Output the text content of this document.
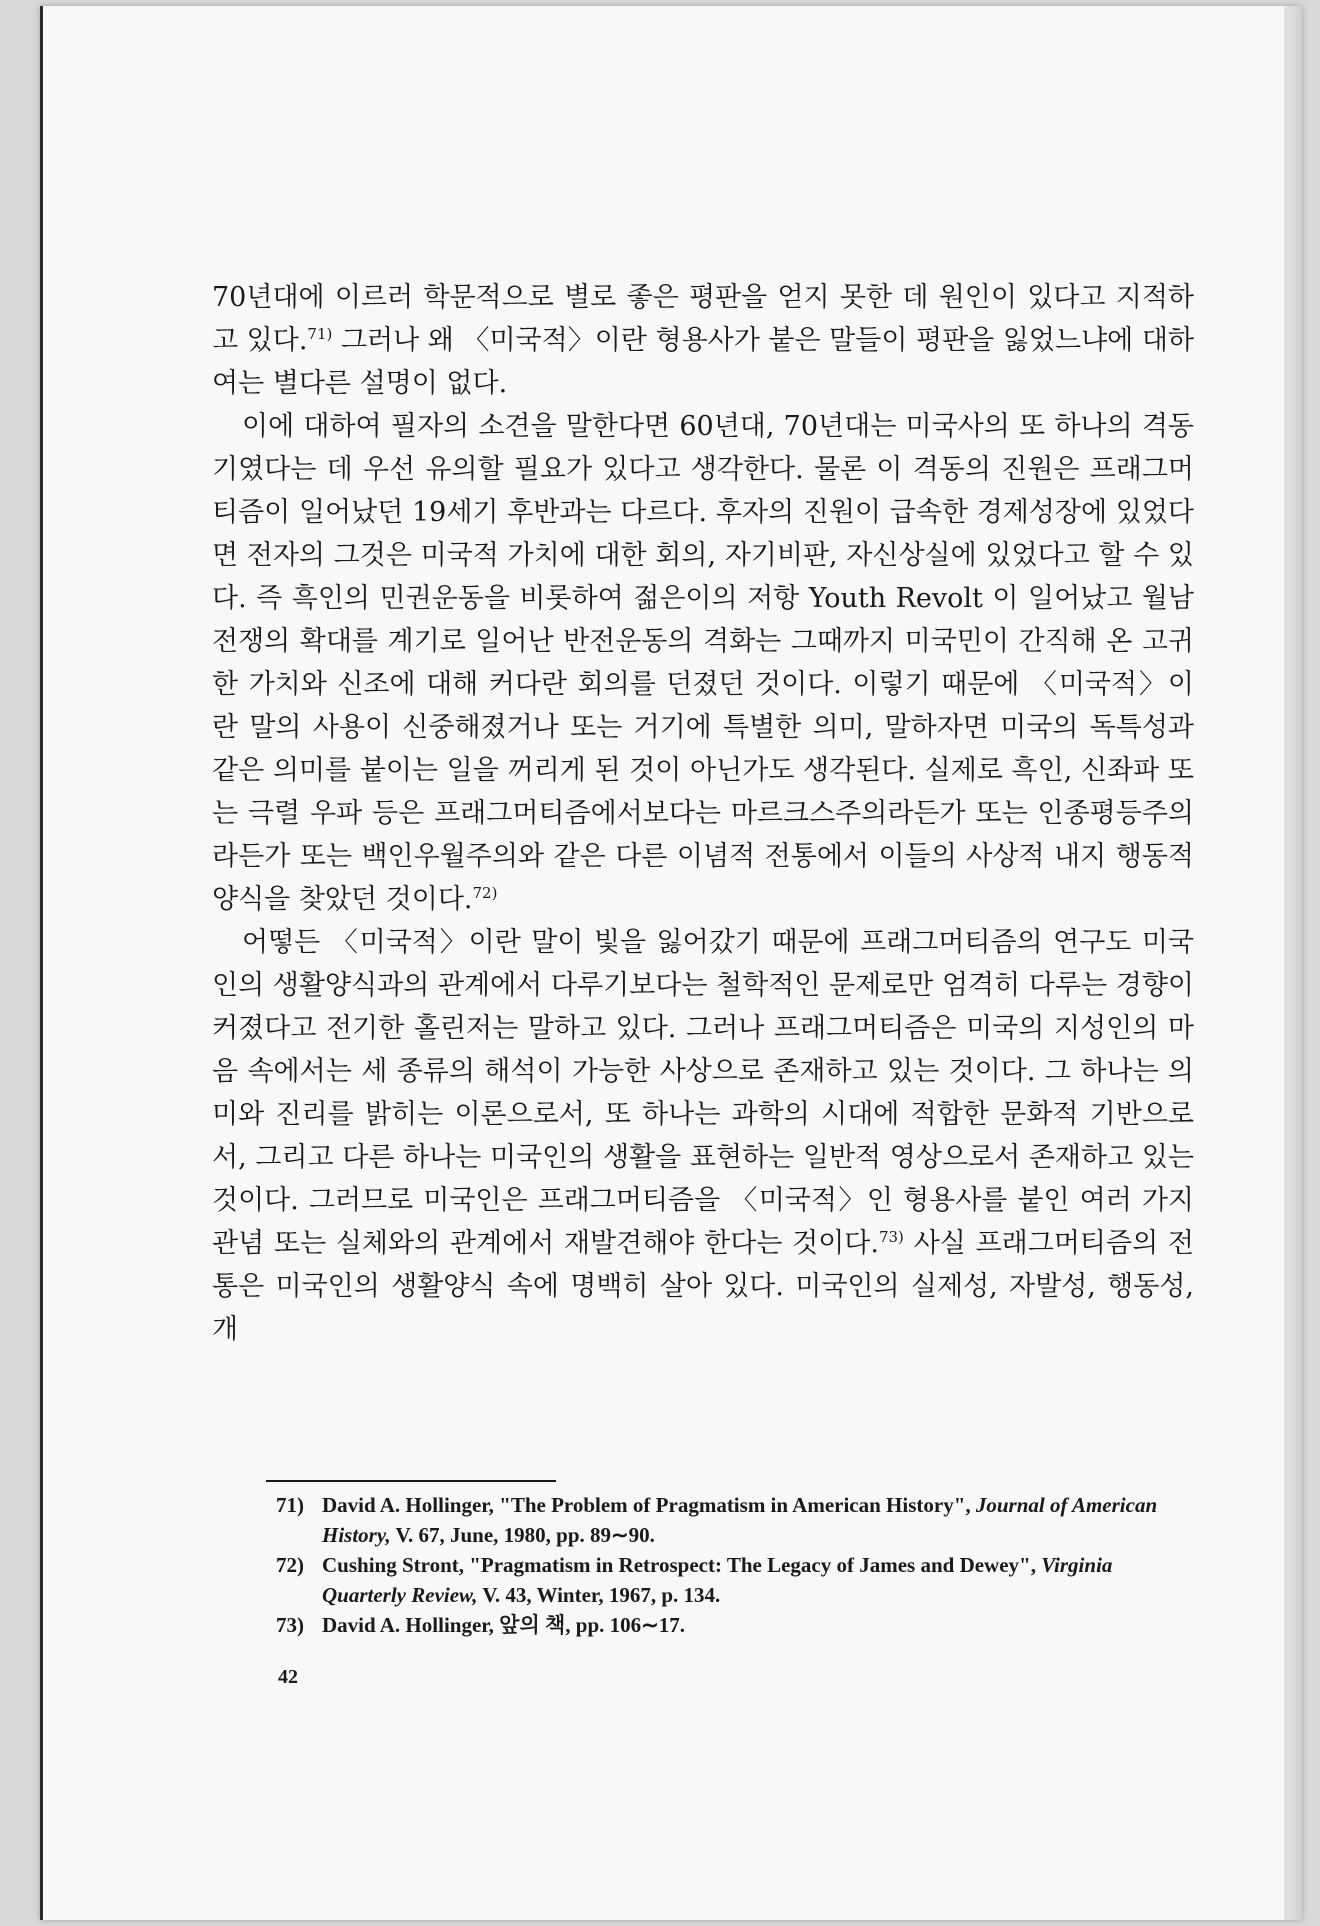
70년대에 이르러 학문적으로 별로 좋은 평판을 얻지 못한 데 원인이 있다고 지적하고 있다.$^{71)}$ 그러나 왜 〈미국적〉이란 형용사가 붙은 말들이 평판을 잃었느냐에 대하여는 별다른 설명이 없다.

이에 대하여 필자의 소견을 말한다면 60년대, 70년대는 미국사의 또 하나의 격동기였다는 데 우선 유의할 필요가 있다고 생각한다. 물론 이 격동의 진원은 프래그머티즘이 일어났던 19세기 후반과는 다르다. 후자의 진원이 급속한 경제성장에 있었다면 전자의 그것은 미국적 가치에 대한 회의, 자기비판, 자신상실에 있었다고 할 수 있다. 즉 흑인의 민권운동을 비롯하여 젊은이의 저항 Youth Revolt 이 일어났고 월남전쟁의 확대를 계기로 일어난 반전운동의 격화는 그때까지 미국민이 간직해 온 고귀한 가치와 신조에 대해 커다란 회의를 던졌던 것이다. 이렇기 때문에 〈미국적〉이란 말의 사용이 신중해졌거나 또는 거기에 특별한 의미, 말하자면 미국의 독특성과 같은 의미를 붙이는 일을 꺼리게 된 것이 아닌가도 생각된다. 실제로 흑인, 신좌파 또는 극렬 우파 등은 프래그머티즘에서보다는 마르크스주의라든가 또는 인종평등주의라든가 또는 백인우월주의와 같은 다른 이념적 전통에서 이들의 사상적 내지 행동적 양식을 찾았던 것이다.$^{72)}$

어떻든 〈미국적〉이란 말이 빛을 잃어갔기 때문에 프래그머티즘의 연구도 미국인의 생활양식과의 관계에서 다루기보다는 철학적인 문제로만 엄격히 다루는 경향이 커졌다고 전기한 홀린저는 말하고 있다. 그러나 프래그머티즘은 미국의 지성인의 마음 속에서는 세 종류의 해석이 가능한 사상으로 존재하고 있는 것이다. 그 하나는 의미와 진리를 밝히는 이론으로서, 또 하나는 과학의 시대에 적합한 문화적 기반으로서, 그리고 다른 하나는 미국인의 생활을 표현하는 일반적 영상으로서 존재하고 있는 것이다. 그러므로 미국인은 프래그머티즘을 〈미국적〉인 형용사를 붙인 여러 가지 관념 또는 실체와의 관계에서 재발견해야 한다는 것이다.$^{73)}$ 사실 프래그머티즘의 전통은 미국인의 생활양식 속에 명백히 살아 있다. 미국인의 실제성, 자발성, 행동성, 개

71) David A. Hollinger, "The Problem of Pragmatism in American History", Journal of American History, V. 67, June, 1980, pp. 89∼90.

72) Cushing Stront, "Pragmatism in Retrospect: The Legacy of James and Dewey", Virginia Quarterly Review, V. 43, Winter, 1967, p. 134.

73) David A. Hollinger, 앞의 책, pp. 106∼17.

42
